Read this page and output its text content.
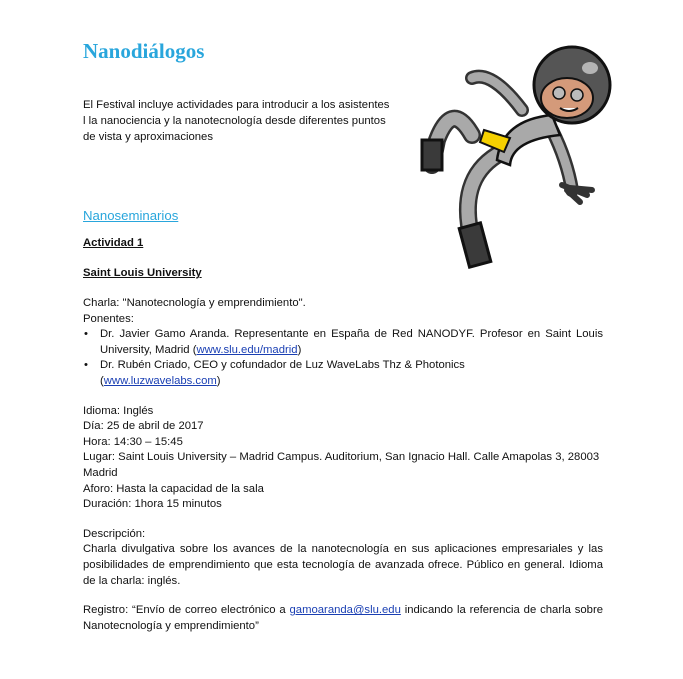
Nanodiálogos
El Festival incluye actividades para introducir a los asistentes
l la nanociencia y la nanotecnología desde diferentes puntos
de vista y aproximaciones
Nanoseminarios
Actividad 1
Saint Louis University
Charla: "Nanotecnología y emprendimiento".
Ponentes:
• Dr. Javier Gamo Aranda. Representante en España de Red NANODYF. Profesor en Saint Louis University, Madrid (www.slu.edu/madrid)
• Dr. Rubén Criado, CEO y cofundador de Luz WaveLabs Thz & Photonics
(www.luzwavelabs.com)
Idioma: Inglés
Día: 25 de abril de 2017
Hora: 14:30 – 15:45
Lugar: Saint Louis University – Madrid Campus. Auditorium, San Ignacio Hall. Calle Amapolas 3, 28003 Madrid
Aforo: Hasta la capacidad de la sala
Duración: 1hora 15 minutos
Descripción:
Charla divulgativa sobre los avances de la nanotecnología en sus aplicaciones empresariales y las posibilidades de emprendimiento que esta tecnología de avanzada ofrece. Público en general. Idioma de la charla: inglés.
Registro: “Envío de correo electrónico a gamoaranda@slu.edu indicando la referencia de charla sobre Nanotecnología y emprendimiento”
